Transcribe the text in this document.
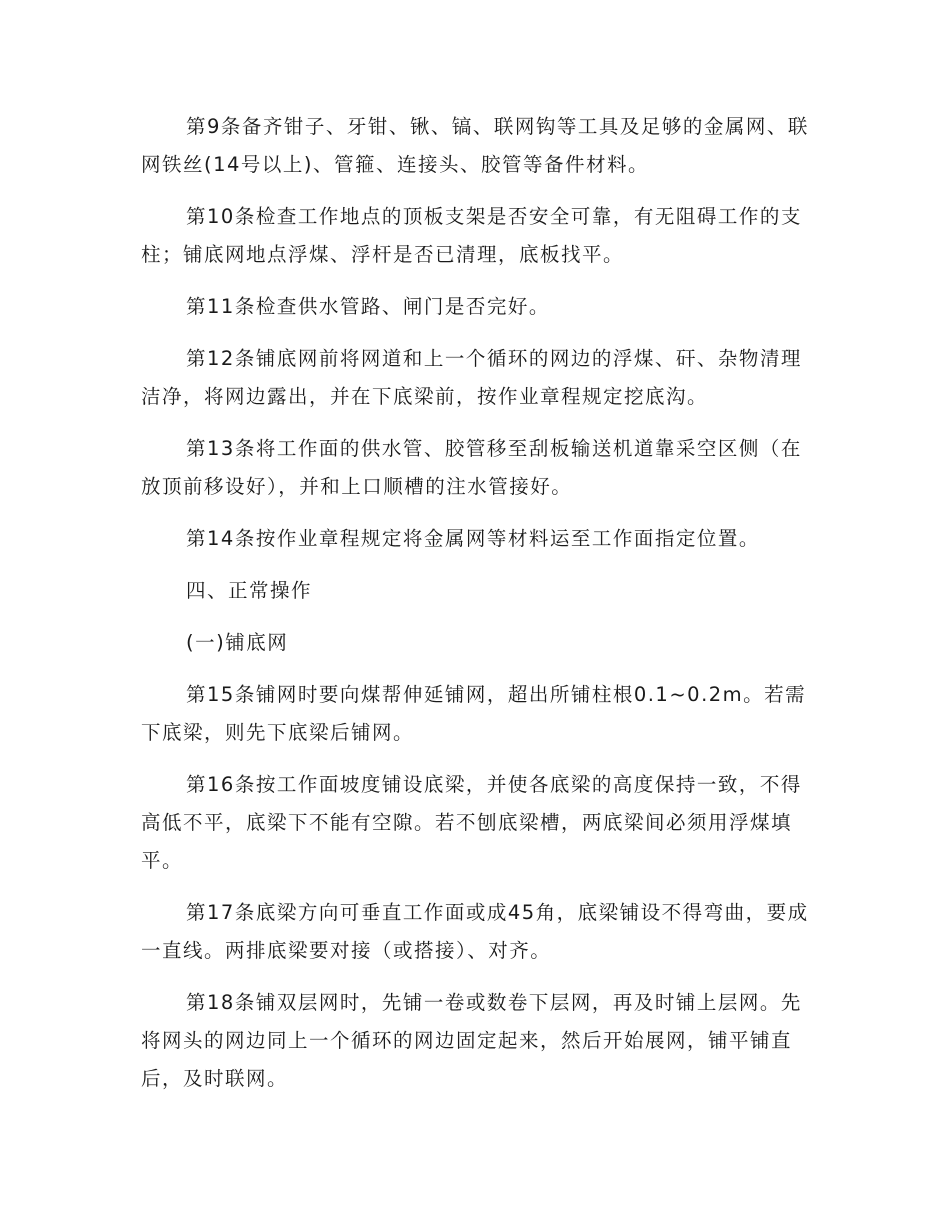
第9条备齐钳子、牙钳、锹、镐、联网钩等工具及足够的金属网、联网铁丝(14号以上)、管箍、连接头、胶管等备件材料。

第10条检查工作地点的顶板支架是否安全可靠，有无阻碍工作的支柱；铺底网地点浮煤、浮杆是否已清理，底板找平。

第11条检查供水管路、闸门是否完好。

第12条铺底网前将网道和上一个循环的网边的浮煤、矸、杂物清理洁净，将网边露出，并在下底梁前，按作业章程规定挖底沟。

第13条将工作面的供水管、胶管移至刮板输送机道靠采空区侧（在放顶前移设好），并和上口顺槽的注水管接好。

第14条按作业章程规定将金属网等材料运至工作面指定位置。

四、正常操作

(一)铺底网

第15条铺网时要向煤帮伸延铺网，超出所铺柱根0.1~0.2m。若需下底梁，则先下底梁后铺网。

第16条按工作面坡度铺设底梁，并使各底梁的高度保持一致，不得高低不平，底梁下不能有空隙。若不刨底梁槽，两底梁间必须用浮煤填平。

第17条底梁方向可垂直工作面或成45角，底梁铺设不得弯曲，要成一直线。两排底梁要对接（或搭接）、对齐。

第18条铺双层网时，先铺一卷或数卷下层网，再及时铺上层网。先将网头的网边同上一个循环的网边固定起来，然后开始展网，铺平铺直后，及时联网。
